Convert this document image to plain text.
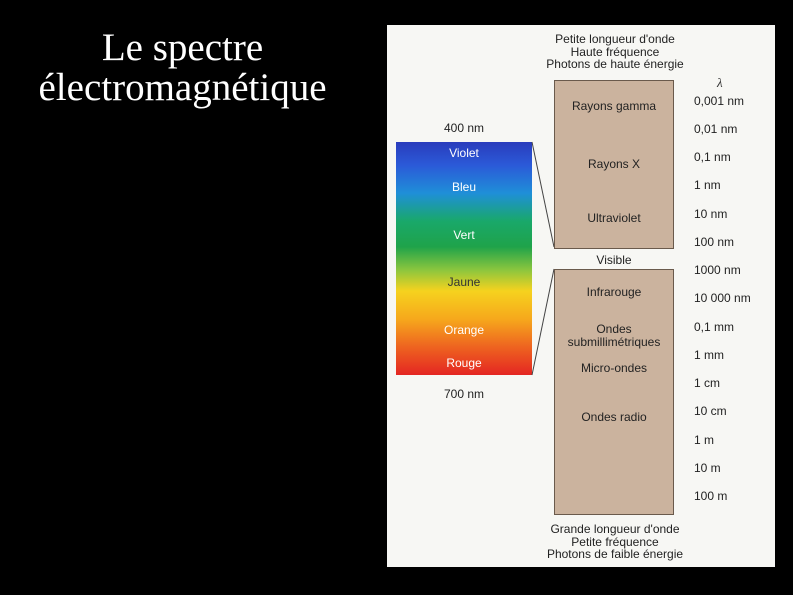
Le spectre
électromagnétique
Petite longueur d'onde
Haute fréquence
Photons de haute énergie
λ
400 nm
Violet
Bleu
Vert
Jaune
Orange
Rouge
700 nm
Rayons gamma
Rayons X
Ultraviolet
Visible
Infrarouge
Ondes submillimétriques
Micro-ondes
Ondes radio
0,001 nm
0,01 nm
0,1 nm
1 nm
10 nm
100 nm
1000 nm
10 000 nm
0,1 mm
1 mm
1 cm
10 cm
1 m
10 m
100 m
Grande longueur d'onde
Petite fréquence
Photons de faible énergie
